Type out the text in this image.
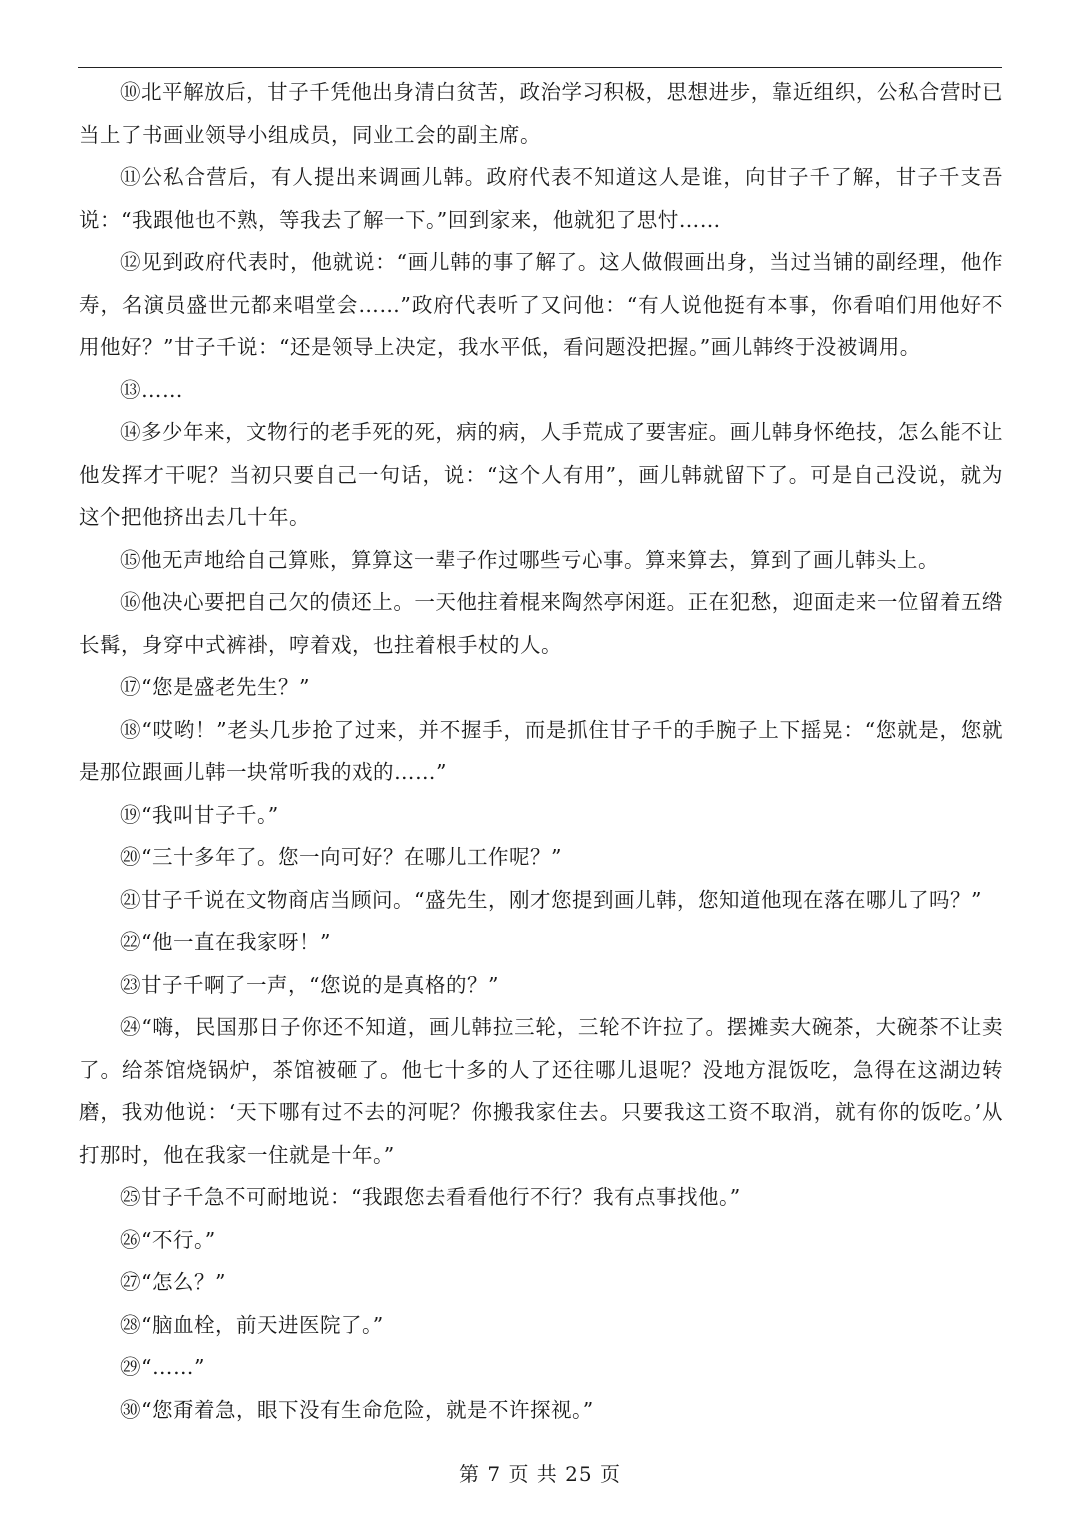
⑩北平解放后，甘子千凭他出身清白贫苦，政治学习积极，思想进步，靠近组织，公私合营时已当上了书画业领导小组成员，同业工会的副主席。

⑪公私合营后，有人提出来调画儿韩。政府代表不知道这人是谁，向甘子千了解，甘子千支吾说：“我跟他也不熟，等我去了解一下。”回到家来，他就犯了思忖……

⑫见到政府代表时，他就说：“画儿韩的事了解了。这人做假画出身，当过当铺的副经理，他作寿，名演员盛世元都来唱堂会……”政府代表听了又问他：“有人说他挺有本事，你看咱们用他好不用他好？”甘子千说：“还是领导上决定，我水平低，看问题没把握。”画儿韩终于没被调用。

⑬……

⑭多少年来，文物行的老手死的死，病的病，人手荒成了要害症。画儿韩身怀绝技，怎么能不让他发挥才干呢？当初只要自己一句话，说：“这个人有用”，画儿韩就留下了。可是自己没说，就为这个把他挤出去几十年。

⑮他无声地给自己算账，算算这一辈子作过哪些亏心事。算来算去，算到了画儿韩头上。

⑯他决心要把自己欠的债还上。一天他拄着棍来陶然亭闲逛。正在犯愁，迎面走来一位留着五绺长髯，身穿中式裤褂，哼着戏，也拄着根手杖的人。

⑰“您是盛老先生？”

⑱“哎哟！”老头几步抢了过来，并不握手，而是抓住甘子千的手腕子上下摇晃：“您就是，您就是那位跟画儿韩一块常听我的戏的……”

⑲“我叫甘子千。”

⑳“三十多年了。您一向可好？在哪儿工作呢？”

㉑甘子千说在文物商店当顾问。“盛先生，刚才您提到画儿韩，您知道他现在落在哪儿了吗？”

㉒“他一直在我家呀！”

㉓甘子千啊了一声，“您说的是真格的？”

㉔“嗨，民国那日子你还不知道，画儿韩拉三轮，三轮不许拉了。摆摊卖大碗茶，大碗茶不让卖了。给茶馆烧锅炉，茶馆被砸了。他七十多的人了还往哪儿退呢？没地方混饭吃，急得在这湖边转磨，我劝他说：‘天下哪有过不去的河呢？你搬我家住去。只要我这工资不取消，就有你的饭吃。’从打那时，他在我家一住就是十年。”

㉕甘子千急不可耐地说：“我跟您去看看他行不行？我有点事找他。”

㉖“不行。”

㉗“怎么？”

㉘“脑血栓，前天进医院了。”

㉙“……”

㉚“您甭着急，眼下没有生命危险，就是不许探视。”

第 7 页 共 25 页
